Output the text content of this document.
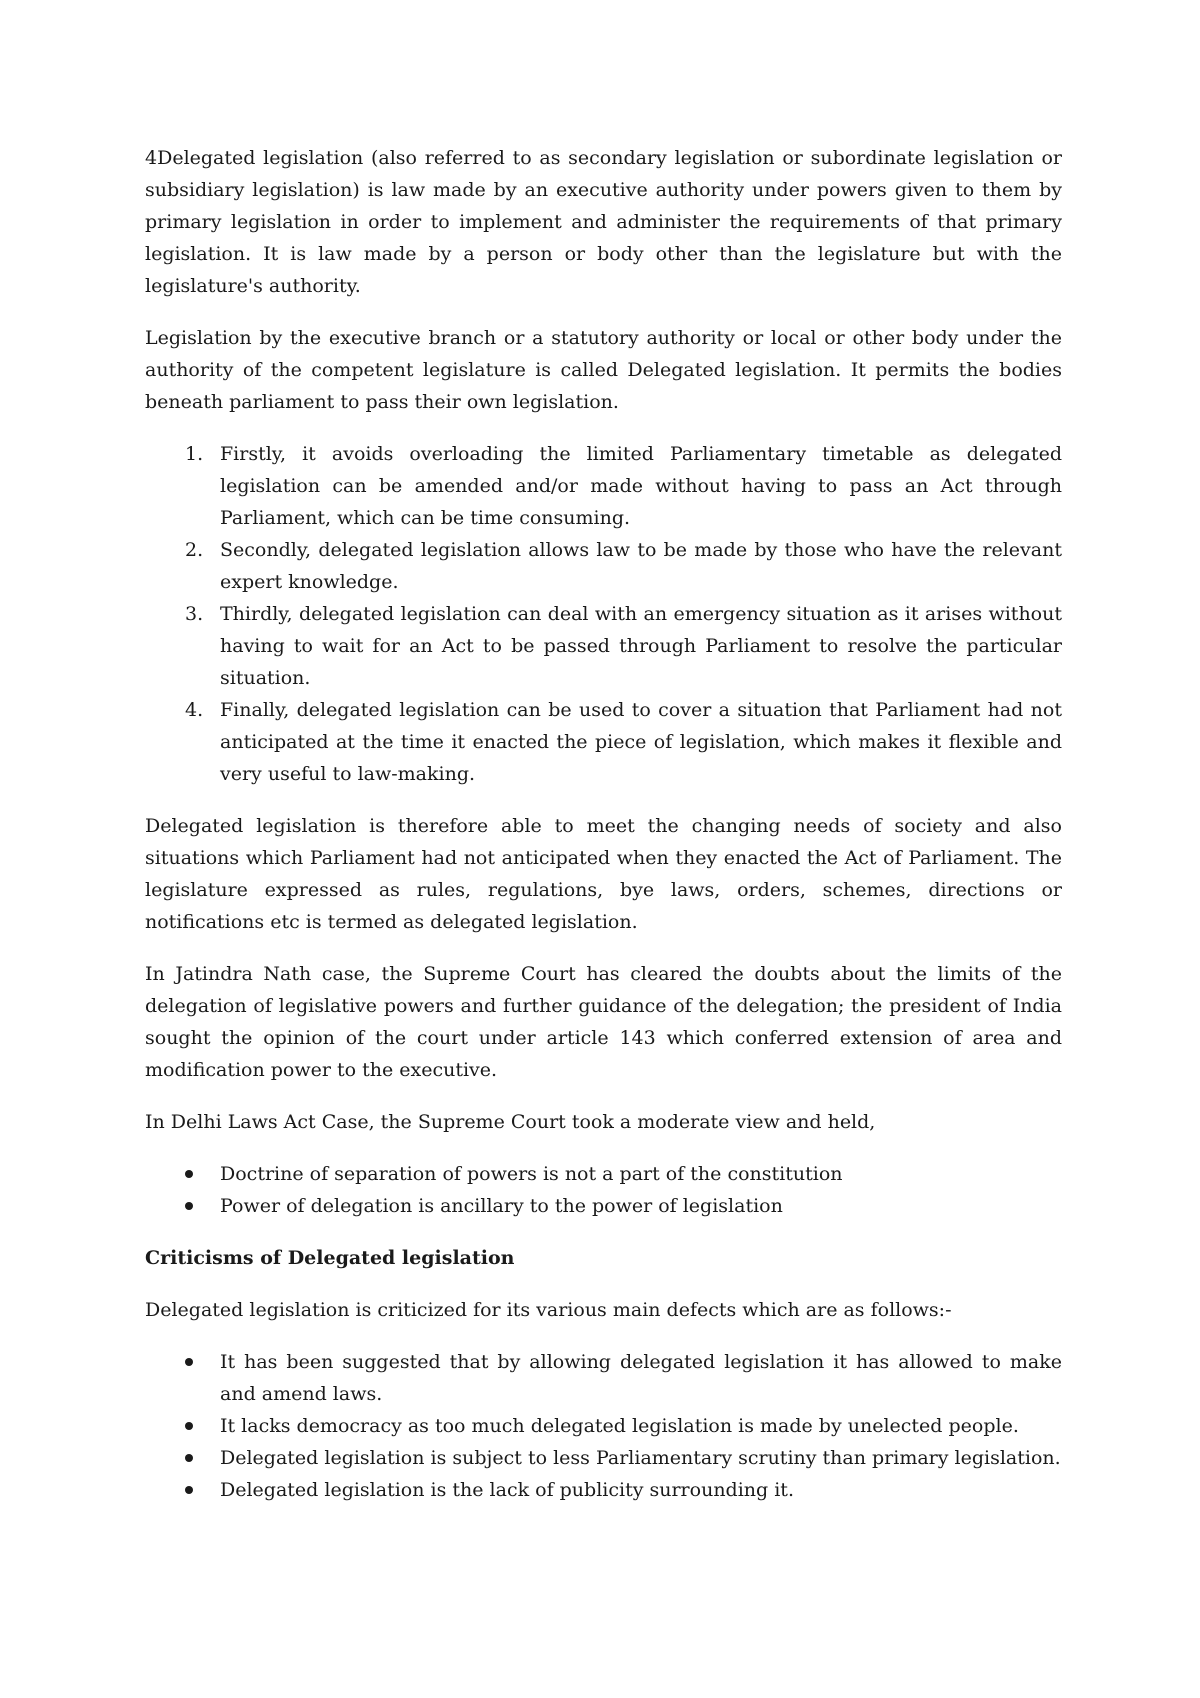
4Delegated legislation (also referred to as secondary legislation or subordinate legislation or subsidiary legislation) is law made by an executive authority under powers given to them by primary legislation in order to implement and administer the requirements of that primary legislation. It is law made by a person or body other than the legislature but with the legislature's authority.

Legislation by the executive branch or a statutory authority or local or other body under the authority of the competent legislature is called Delegated legislation. It permits the bodies beneath parliament to pass their own legislation.

1. Firstly, it avoids overloading the limited Parliamentary timetable as delegated legislation can be amended and/or made without having to pass an Act through Parliament, which can be time consuming.
2. Secondly, delegated legislation allows law to be made by those who have the relevant expert knowledge.
3. Thirdly, delegated legislation can deal with an emergency situation as it arises without having to wait for an Act to be passed through Parliament to resolve the particular situation.
4. Finally, delegated legislation can be used to cover a situation that Parliament had not anticipated at the time it enacted the piece of legislation, which makes it flexible and very useful to law-making.

Delegated legislation is therefore able to meet the changing needs of society and also situations which Parliament had not anticipated when they enacted the Act of Parliament. The legislature expressed as rules, regulations, bye laws, orders, schemes, directions or notifications etc is termed as delegated legislation.

In Jatindra Nath case, the Supreme Court has cleared the doubts about the limits of the delegation of legislative powers and further guidance of the delegation; the president of India sought the opinion of the court under article 143 which conferred extension of area and modification power to the executive.

In Delhi Laws Act Case, the Supreme Court took a moderate view and held,

Doctrine of separation of powers is not a part of the constitution
Power of delegation is ancillary to the power of legislation

Criticisms of Delegated legislation

Delegated legislation is criticized for its various main defects which are as follows:-

It has been suggested that by allowing delegated legislation it has allowed to make and amend laws.
It lacks democracy as too much delegated legislation is made by unelected people.
Delegated legislation is subject to less Parliamentary scrutiny than primary legislation.
Delegated legislation is the lack of publicity surrounding it.
